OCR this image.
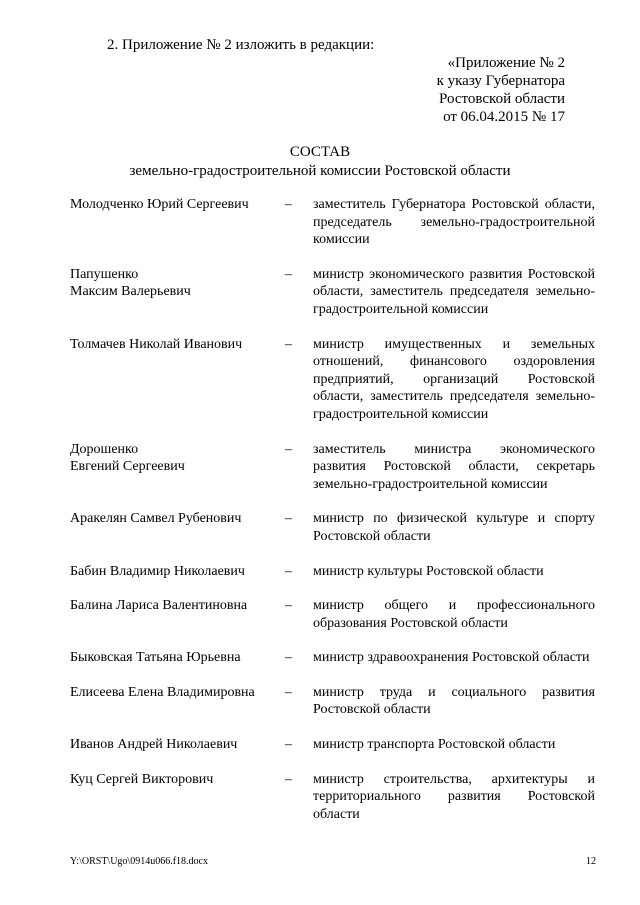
2. Приложение № 2 изложить в редакции:

«Приложение № 2
к указу Губернатора
Ростовской области
от 06.04.2015 № 17
СОСТАВ
земельно-градостроительной комиссии Ростовской области
Молодченко Юрий Сергеевич	–	заместитель Губернатора Ростовской области, председатель земельно-градостроительной комиссии
Папушенко
Максим Валерьевич
–	министр экономического развития Ростовской области, заместитель председателя земельно-градостроительной комиссии
Толмачев Николай Иванович	–	министр имущественных и земельных отношений, финансового оздоровления предприятий, организаций Ростовской области, заместитель председателя земельно-градостроительной комиссии
Дорошенко
Евгений Сергеевич
–	заместитель министра экономического развития Ростовской области, секретарь земельно-градостроительной комиссии
Аракелян Самвел Рубенович	–	министр по физической культуре и спорту Ростовской области
Бабин Владимир Николаевич	–	министр культуры Ростовской области
Балина Лариса Валентиновна	–	министр общего и профессионального образования Ростовской области
Быковская Татьяна Юрьевна	–	министр здравоохранения Ростовской области
Елисеева Елена Владимировна	–	министр труда и социального развития Ростовской области
Иванов Андрей Николаевич	–	министр транспорта Ростовской области
Куц Сергей Викторович	–	министр строительства, архитектуры и территориального развития Ростовской области
Y:\ORST\Ugo\0914u066.f18.docx	12
